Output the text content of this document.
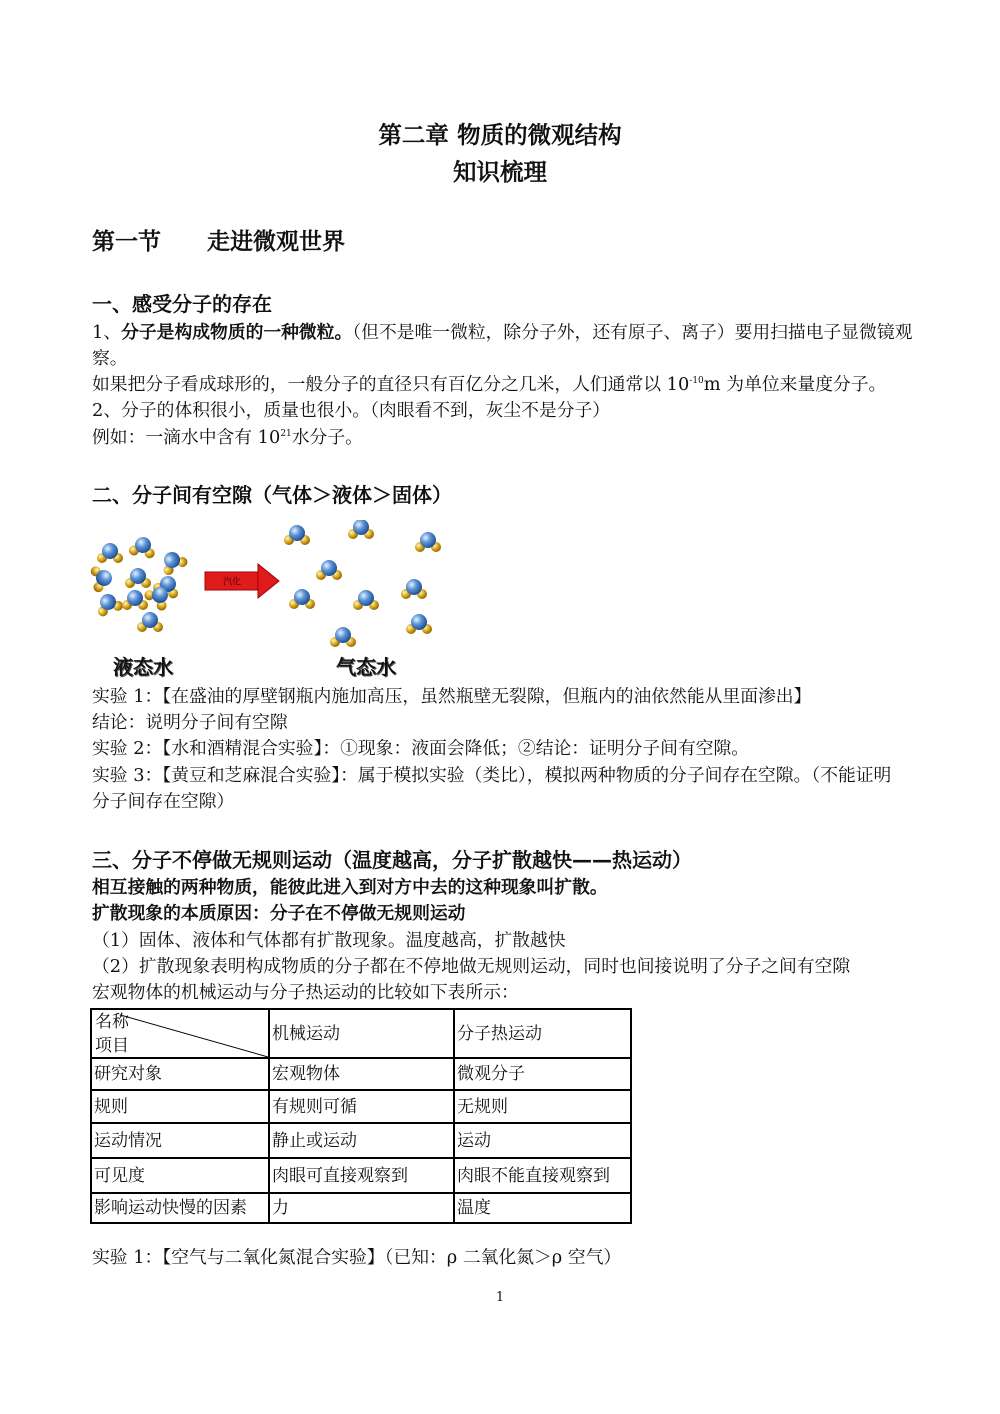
第二章 物质的微观结构
知识梳理
第一节　　走进微观世界
一、感受分子的存在
1、分子是构成物质的一种微粒。（但不是唯一微粒，除分子外，还有原子、离子）要用扫描电子显微镜观
察。
如果把分子看成球形的，一般分子的直径只有百亿分之几米，人们通常以 $10^{-10}m$ 为单位来量度分子。
2、分子的体积很小，质量也很小。（肉眼看不到，灰尘不是分子）
例如：一滴水中含有 $10^{21}$水分子。
二、分子间有空隙（气体＞液体＞固体）
汽化
液态水	气态水
实验 1：【在盛油的厚壁钢瓶内施加高压，虽然瓶壁无裂隙，但瓶内的油依然能从里面渗出】
结论：说明分子间有空隙
实验 2：【水和酒精混合实验】：①现象：液面会降低；②结论：证明分子间有空隙。
实验 3：【黄豆和芝麻混合实验】：属于模拟实验（类比），模拟两种物质的分子间存在空隙。（不能证明
分子间存在空隙）
三、分子不停做无规则运动（温度越高，分子扩散越快——热运动）
相互接触的两种物质，能彼此进入到对方中去的这种现象叫扩散。
扩散现象的本质原因：分子在不停做无规则运动
（1）固体、液体和气体都有扩散现象。温度越高，扩散越快
（2）扩散现象表明构成物质的分子都在不停地做无规则运动，同时也间接说明了分子之间有空隙
宏观物体的机械运动与分子热运动的比较如下表所示：
名称
项目	机械运动	分子热运动
研究对象	宏观物体	微观分子
规则	有规则可循	无规则
运动情况	静止或运动	运动
可见度	肉眼可直接观察到	肉眼不能直接观察到
影响运动快慢的因素	力	温度
实验 1：【空气与二氧化氮混合实验】（已知：ρ 二氧化氮＞ρ 空气）
1
